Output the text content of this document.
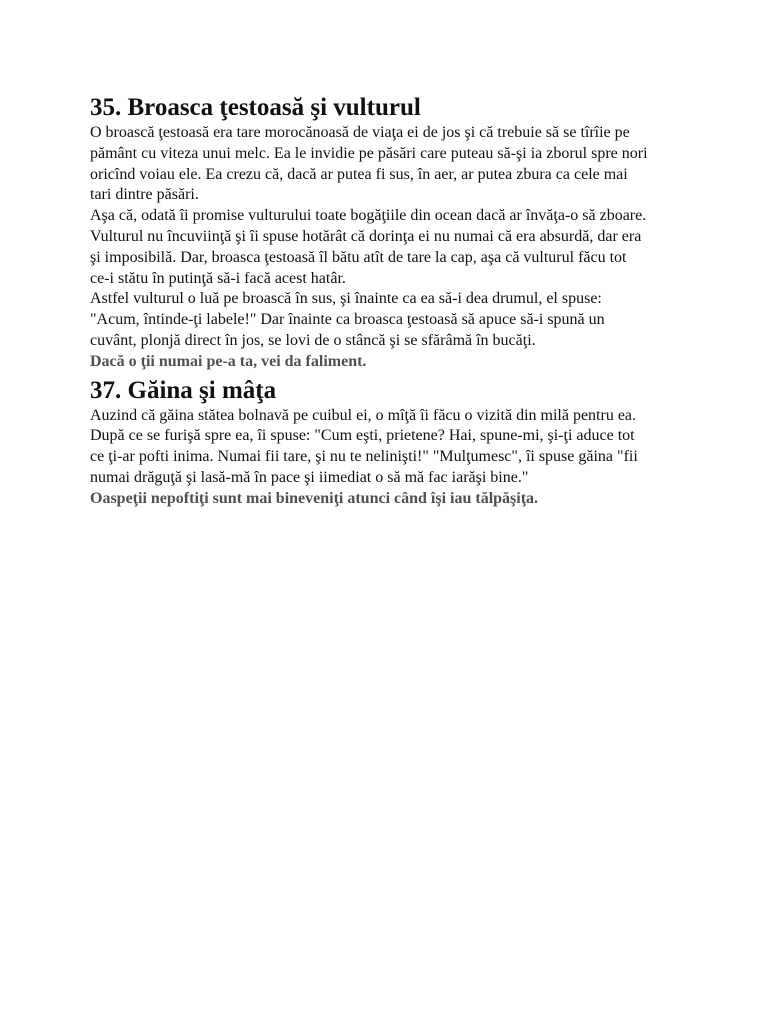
35. Broasca ţestoasă şi vulturul

O broască ţestoasă era tare morocănoasă de viaţa ei de jos şi că trebuie să se tîrîie pe pământ cu viteza unui melc. Ea le invidie pe păsări care puteau să-şi ia zborul spre nori oricînd voiau ele. Ea crezu că, dacă ar putea fi sus, în aer, ar putea zbura ca cele mai tari dintre păsări.

Aşa că, odată îi promise vulturului toate bogăţiile din ocean dacă ar învăţa-o să zboare. Vulturul nu încuviinţă şi îi spuse hotărât că dorinţa ei nu numai că era absurdă, dar era şi imposibilă. Dar, broasca ţestoasă îl bătu atît de tare la cap, aşa că vulturul făcu tot ce-i stătu în putinţă să-i facă acest hatâr.

Astfel vulturul o luă pe broască în sus, şi înainte ca ea să-i dea drumul, el spuse: "Acum, întinde-ţi labele!" Dar înainte ca broasca ţestoasă să apuce să-i spună un cuvânt, plonjă direct în jos, se lovi de o stâncă şi se sfărâmă în bucăţi.

Dacă o ţii numai pe-a ta, vei da faliment.

37. Găina şi mâţa

Auzind că găina stătea bolnavă pe cuibul ei, o mîţă îi făcu o vizită din milă pentru ea. După ce se furişă spre ea, îi spuse: "Cum eşti, prietene? Hai, spune-mi, şi-ţi aduce tot ce ţi-ar pofti inima. Numai fii tare, şi nu te nelinişti!" "Mulţumesc", îi spuse găina "fii numai drăguţă şi lasă-mă în pace şi iimediat o să mă fac iarăşi bine."

Oaspeţii nepoftiţi sunt mai bineveniţi atunci când îşi iau tălpăşiţa.
